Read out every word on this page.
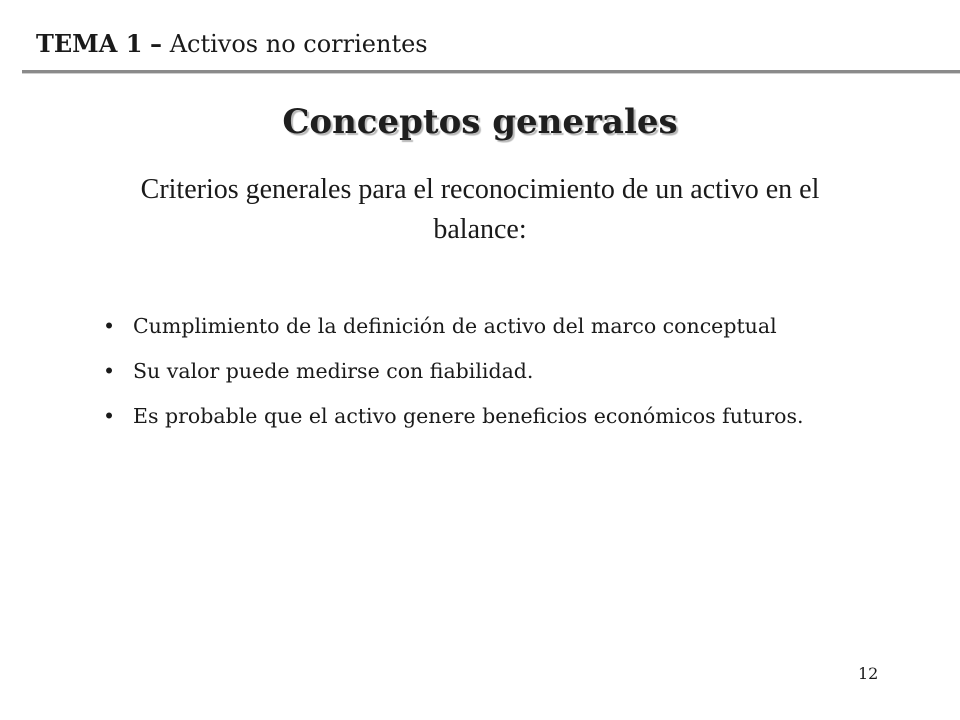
TEMA 1 – Activos no corrientes
Conceptos generales
Criterios generales para el reconocimiento de un activo en el balance:
• Cumplimiento de la definición de activo del marco conceptual
• Su valor puede medirse con fiabilidad.
• Es probable que el activo genere beneficios económicos futuros.
12
